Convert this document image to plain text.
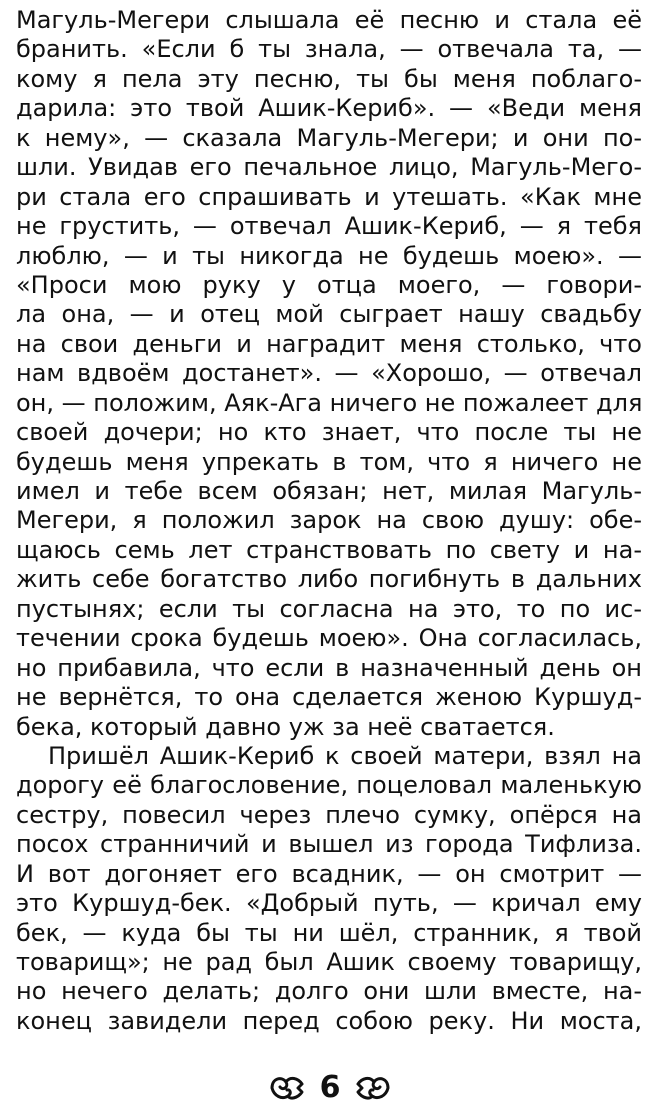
Магуль-Мегери слышала её песню и стала её
бранить. «Если б ты знала, — отвечала та, —
кому я пела эту песню, ты бы меня поблаго-
дарила: это твой Ашик-Кериб». — «Веди меня
к нему», — сказала Магуль-Мегери; и они по-
шли. Увидав его печальное лицо, Магуль-Мего-
ри стала его спрашивать и утешать. «Как мне
не грустить, — отвечал Ашик-Кериб, — я тебя
люблю, — и ты никогда не будешь моею». —
«Проси мою руку у отца моего, — говори-
ла она, — и отец мой сыграет нашу свадьбу
на свои деньги и наградит меня столько, что
нам вдвоём достанет». — «Хорошо, — отвечал
он, — положим, Аяк-Ага ничего не пожалеет для
своей дочери; но кто знает, что после ты не
будешь меня упрекать в том, что я ничего не
имел и тебе всем обязан; нет, милая Магуль-
Мегери, я положил зарок на свою душу: обе-
щаюсь семь лет странствовать по свету и на-
жить себе богатство либо погибнуть в дальних
пустынях; если ты согласна на это, то по ис-
течении срока будешь моею». Она согласилась,
но прибавила, что если в назначенный день он
не вернётся, то она сделается женою Куршуд-
бека, который давно уж за неё сватается.
Пришёл Ашик-Кериб к своей матери, взял на
дорогу её благословение, поцеловал маленькую
сестру, повесил через плечо сумку, опёрся на
посох странничий и вышел из города Тифлиза.
И вот догоняет его всадник, — он смотрит —
это Куршуд-бек. «Добрый путь, — кричал ему
бек, — куда бы ты ни шёл, странник, я твой
товарищ»; не рад был Ашик своему товарищу,
но нечего делать; долго они шли вместе, на-
конец завидели перед собою реку. Ни моста,
6
